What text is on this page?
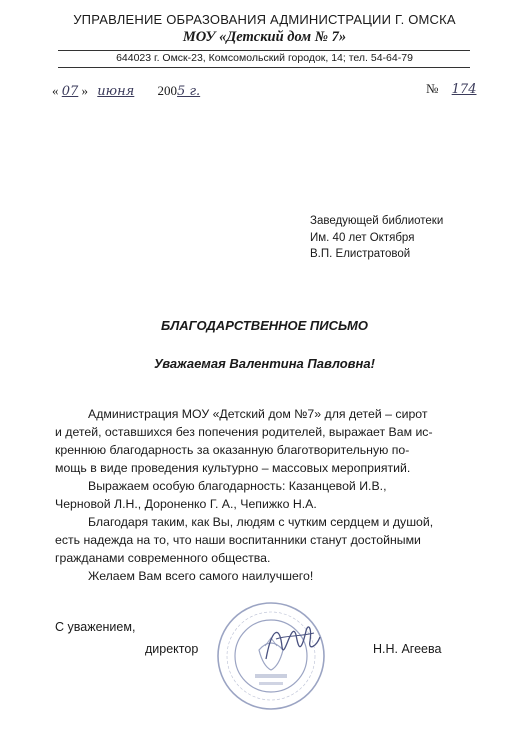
УПРАВЛЕНИЕ ОБРАЗОВАНИЯ АДМИНИСТРАЦИИ Г. ОМСКА
МОУ «Детский дом № 7»
644023 г. Омск-23, Комсомольский городок, 14; тел. 54-64-79
« 07 » июня 2005 г.	№ 174
Заведующей библиотеки
Им. 40 лет Октября
В.П. Елистратовой
БЛАГОДАРСТВЕННОЕ ПИСЬМО
Уважаемая Валентина Павловна!
Администрация МОУ «Детский дом №7» для детей – сирот
и детей, оставшихся без попечения родителей, выражает Вам ис-
креннюю благодарность за оказанную благотворительную по-
мощь в виде проведения культурно – массовых мероприятий.
Выражаем особую благодарность: Казанцевой И.В.,
Черновой Л.Н., Дороненко Г. А., Чепижко Н.А.
Благодаря таким, как Вы, людям с чутким сердцем и душой,
есть надежда на то, что наши воспитанники станут достойными
гражданами современного общества.
Желаем Вам всего самого наилучшего!
С уважением,
директор	Н.Н. Агеева
